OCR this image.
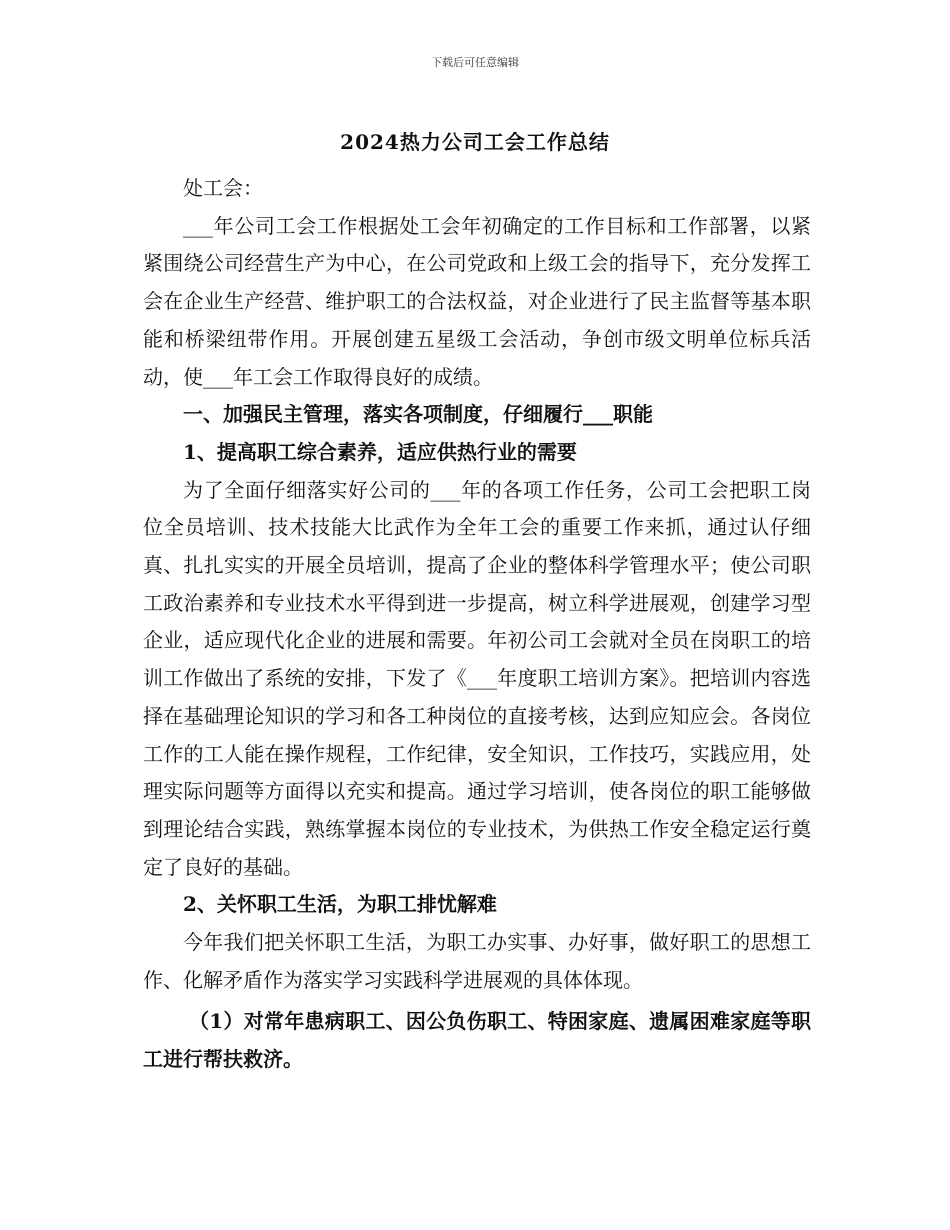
下载后可任意编辑
2024热力公司工会工作总结

处工会：

___年公司工会工作根据处工会年初确定的工作目标和工作部署，以紧紧围绕公司经营生产为中心，在公司党政和上级工会的指导下，充分发挥工会在企业生产经营、维护职工的合法权益，对企业进行了民主监督等基本职能和桥梁纽带作用。开展创建五星级工会活动，争创市级文明单位标兵活动，使___年工会工作取得良好的成绩。

一、加强民主管理，落实各项制度，仔细履行___职能

1、提高职工综合素养，适应供热行业的需要

为了全面仔细落实好公司的___年的各项工作任务，公司工会把职工岗位全员培训、技术技能大比武作为全年工会的重要工作来抓，通过认仔细真、扎扎实实的开展全员培训，提高了企业的整体科学管理水平；使公司职工政治素养和专业技术水平得到进一步提高，树立科学进展观，创建学习型企业，适应现代化企业的进展和需要。年初公司工会就对全员在岗职工的培训工作做出了系统的安排，下发了《___年度职工培训方案》。把培训内容选择在基础理论知识的学习和各工种岗位的直接考核，达到应知应会。各岗位工作的工人能在操作规程，工作纪律，安全知识，工作技巧，实践应用，处理实际问题等方面得以充实和提高。通过学习培训，使各岗位的职工能够做到理论结合实践，熟练掌握本岗位的专业技术，为供热工作安全稳定运行奠定了良好的基础。

2、关怀职工生活，为职工排忧解难

今年我们把关怀职工生活，为职工办实事、办好事，做好职工的思想工作、化解矛盾作为落实学习实践科学进展观的具体体现。

（1）对常年患病职工、因公负伤职工、特困家庭、遗属困难家庭等职工进行帮扶救济。
